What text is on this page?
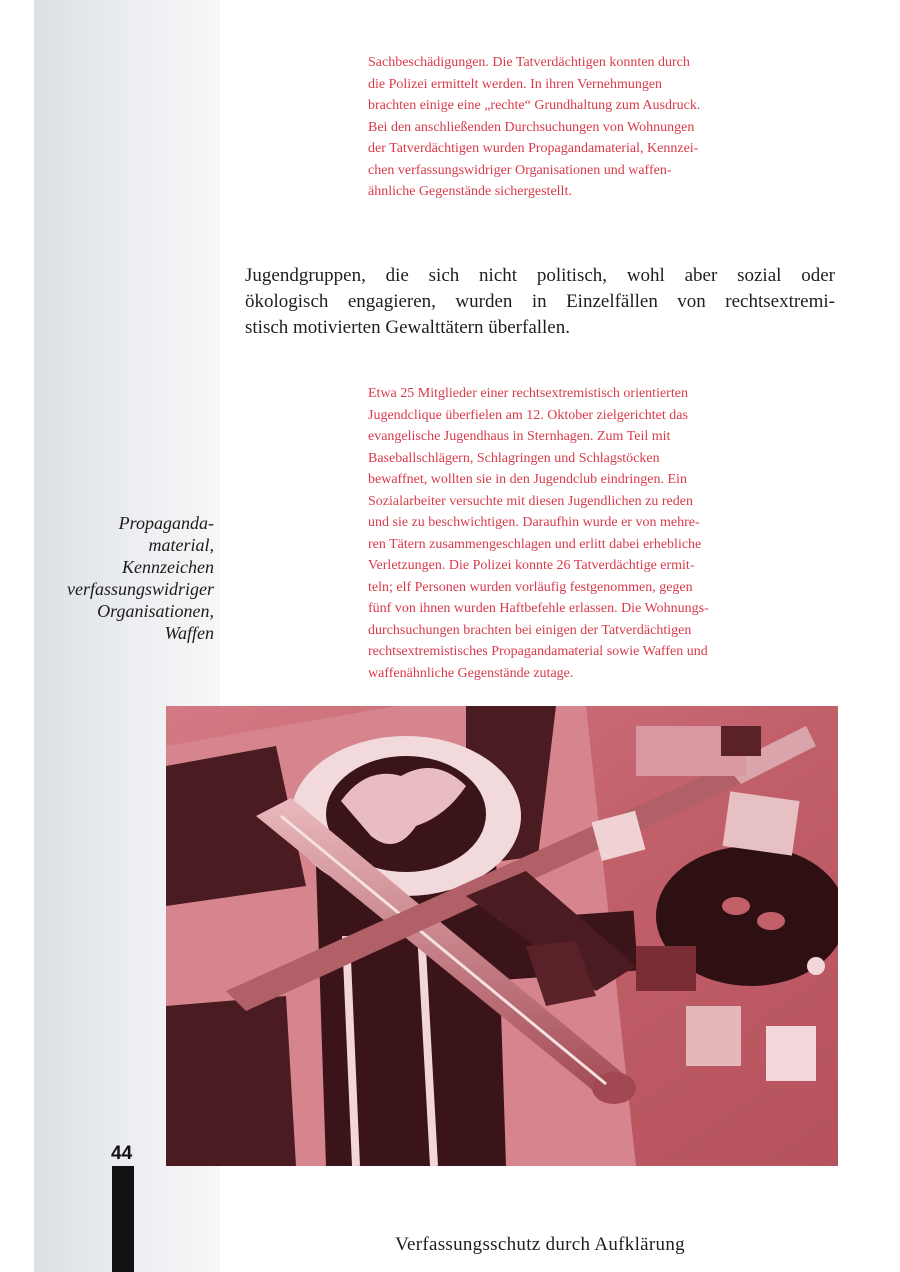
Sachbeschädigungen. Die Tatverdächtigen konnten durch
die Polizei ermittelt werden. In ihren Vernehmungen
brachten einige eine „rechte“ Grundhaltung zum Ausdruck.
Bei den anschließenden Durchsuchungen von Wohnungen
der Tatverdächtigen wurden Propagandamaterial, Kennzei-
chen verfassungswidriger Organisationen und waffen-
ähnliche Gegenstände sichergestellt.
Jugendgruppen, die sich nicht politisch, wohl aber sozial oder
ökologisch engagieren, wurden in Einzelfällen von rechtsextremi-
stisch motivierten Gewalttätern überfallen.
Etwa 25 Mitglieder einer rechtsextremistisch orientierten
Jugendclique überfielen am 12. Oktober zielgerichtet das
evangelische Jugendhaus in Sternhagen. Zum Teil mit
Baseballschlägern, Schlagringen und Schlagstöcken
bewaffnet, wollten sie in den Jugendclub eindringen. Ein
Sozialarbeiter versuchte mit diesen Jugendlichen zu reden
und sie zu beschwichtigen. Daraufhin wurde er von mehre-
ren Tätern zusammengeschlagen und erlitt dabei erhebliche
Verletzungen. Die Polizei konnte 26 Tatverdächtige ermit-
teln; elf Personen wurden vorläufig festgenommen, gegen
fünf von ihnen wurden Haftbefehle erlassen. Die Wohnungs-
durchsuchungen brachten bei einigen der Tatverdächtigen
rechtsextremistisches Propagandamaterial sowie Waffen und
waffenähnliche Gegenstände zutage.
Propaganda-
material,
Kennzeichen
verfassungswidriger
Organisationen,
Waffen
44
Verfassungsschutz durch Aufklärung
